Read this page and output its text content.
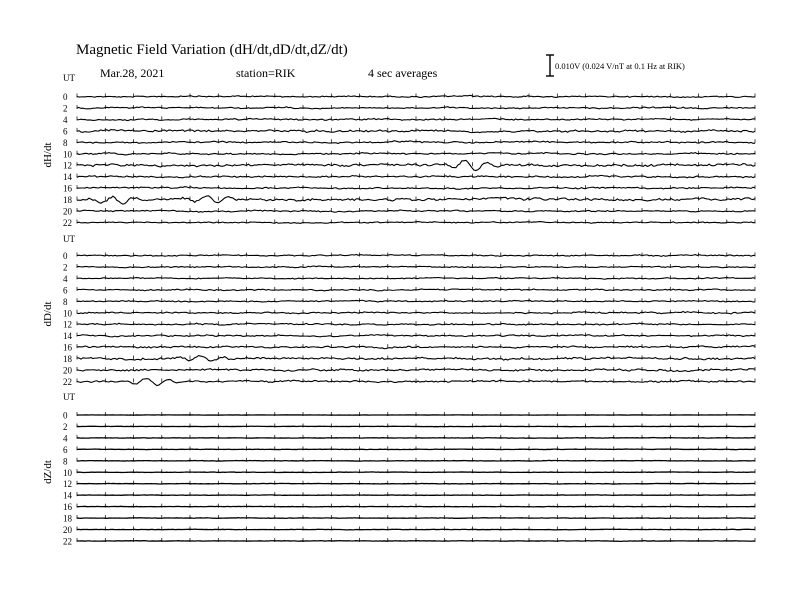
Magnetic Field Variation (dH/dt,dD/dt,dZ/dt)
Mar.28, 2021	station=RIK	4 sec averages	0.010V (0.024 V/nT at 0.1 Hz at RIK)
UT
dH/dt
0
2
4
6
8
10
12
14
16
18
20
22
UT
dD/dt
0
2
4
6
8
10
12
14
16
18
20
22
UT
dZ/dt
0
2
4
6
8
10
12
14
16
18
20
22
